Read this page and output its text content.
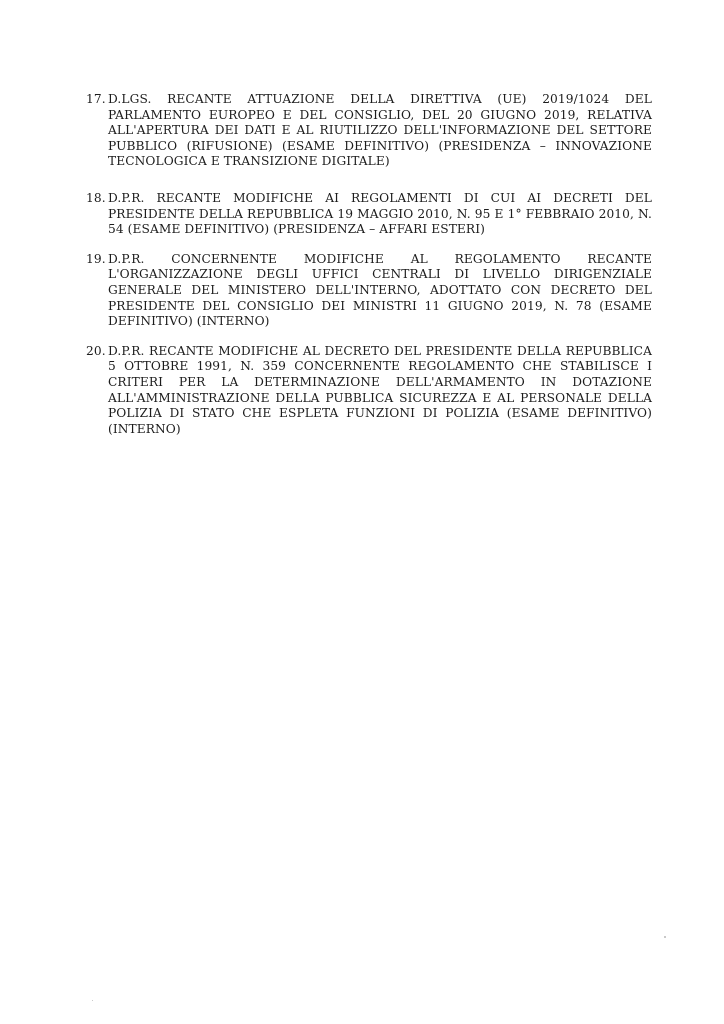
17. D.LGS. RECANTE ATTUAZIONE DELLA DIRETTIVA (UE) 2019/1024 DEL PARLAMENTO EUROPEO E DEL CONSIGLIO, DEL 20 GIUGNO 2019, RELATIVA ALL'APERTURA DEI DATI E AL RIUTILIZZO DELL'INFORMAZIONE DEL SETTORE PUBBLICO (RIFUSIONE) (ESAME DEFINITIVO) (PRESIDENZA – INNOVAZIONE TECNOLOGICA E TRANSIZIONE DIGITALE)
18. D.P.R. RECANTE MODIFICHE AI REGOLAMENTI DI CUI AI DECRETI DEL PRESIDENTE DELLA REPUBBLICA 19 MAGGIO 2010, N. 95 E 1° FEBBRAIO 2010, N. 54 (ESAME DEFINITIVO) (PRESIDENZA – AFFARI ESTERI)
19. D.P.R. CONCERNENTE MODIFICHE AL REGOLAMENTO RECANTE L'ORGANIZZAZIONE DEGLI UFFICI CENTRALI DI LIVELLO DIRIGENZIALE GENERALE DEL MINISTERO DELL'INTERNO, ADOTTATO CON DECRETO DEL PRESIDENTE DEL CONSIGLIO DEI MINISTRI 11 GIUGNO 2019, N. 78 (ESAME DEFINITIVO) (INTERNO)
20. D.P.R. RECANTE MODIFICHE AL DECRETO DEL PRESIDENTE DELLA REPUBBLICA 5 OTTOBRE 1991, N. 359 CONCERNENTE REGOLAMENTO CHE STABILISCE I CRITERI PER LA DETERMINAZIONE DELL'ARMAMENTO IN DOTAZIONE ALL'AMMINISTRAZIONE DELLA PUBBLICA SICUREZZA E AL PERSONALE DELLA POLIZIA DI STATO CHE ESPLETA FUNZIONI DI POLIZIA (ESAME DEFINITIVO) (INTERNO)
